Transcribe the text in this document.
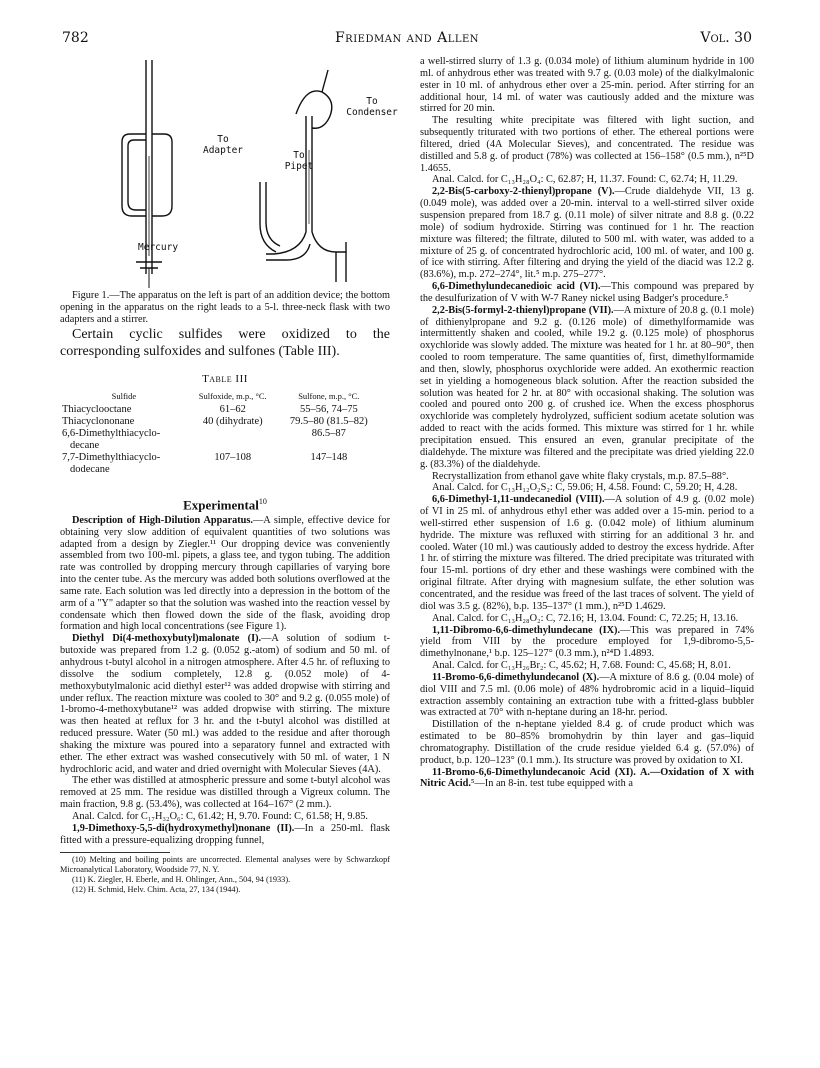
782	Friedman and Allen	Vol. 30
To
Condenser
To
Adapter	To
Pipet
Mercury

Figure 1.—The apparatus on the left is part of an addition device; the bottom opening in the apparatus on the right leads to a 5-l. three-neck flask with two adapters and a stirrer.

Certain cyclic sulfides were oxidized to the corresponding sulfoxides and sulfones (Table III).

Table III
Sulfide	Sulfoxide, m.p., °C.	Sulfone, m.p., °C.
Thiacyclooctane	61–62	55–56, 74–75
Thiacyclononane	40 (dihydrate)	79.5–80 (81.5–82)
6,6-Dimethylthiacyclo-		86.5–87
decane		
7,7-Dimethylthiacyclo-	107–108	147–148
dodecane		
Experimental$^{10}$

Description of High-Dilution Apparatus.—A simple, effective device for obtaining very slow addition of equivalent quantities of two solutions was adapted from a design by Ziegler.¹¹ Our dropping device was conveniently assembled from two 100-ml. pipets, a glass tee, and tygon tubing. The addition rate was controlled by dropping mercury through capillaries of varying bore into the center tube. As the mercury was added both solutions overflowed at the same rate. Each solution was led directly into a depression in the bottom of the arm of a "Y" adapter so that the solution was washed into the reaction vessel by condensate which then flowed down the side of the flask, avoiding drop formation and high local concentrations (see Figure 1).

Diethyl Di(4-methoxybutyl)malonate (I).—A solution of sodium t-butoxide was prepared from 1.2 g. (0.052 g.-atom) of sodium and 50 ml. of anhydrous t-butyl alcohol in a nitrogen atmosphere. After 4.5 hr. of refluxing to dissolve the sodium completely, 12.8 g. (0.052 mole) of 4-methoxybutylmalonic acid diethyl ester¹² was added dropwise with stirring and under reflux. The reaction mixture was cooled to 30° and 9.2 g. (0.055 mole) of 1-bromo-4-methoxybutane¹² was added dropwise with stirring. The mixture was then heated at reflux for 3 hr. and the t-butyl alcohol was distilled at reduced pressure. Water (50 ml.) was added to the residue and after thorough shaking the mixture was poured into a separatory funnel and extracted with ether. The ether extract was washed consecutively with 50 ml. of water, 1 N hydrochloric acid, and water and dried overnight with Molecular Sieves (4A).

The ether was distilled at atmospheric pressure and some t-butyl alcohol was removed at 25 mm. The residue was distilled through a Vigreux column. The main fraction, 9.8 g. (53.4%), was collected at 164–167° (2 mm.).

Anal. Calcd. for C₁₇H₃₂O₆: C, 61.42; H, 9.70. Found: C, 61.58; H, 9.85.

1,9-Dimethoxy-5,5-di(hydroxymethyl)nonane (II).—In a 250-ml. flask fitted with a pressure-equalizing dropping funnel,

(10) Melting and boiling points are uncorrected. Elemental analyses were by Schwarzkopf Microanalytical Laboratory, Woodside 77, N. Y.

(11) K. Ziegler, H. Eberle, and H. Ohlinger, Ann., 504, 94 (1933).

(12) H. Schmid, Helv. Chim. Acta, 27, 134 (1944).

a well-stirred slurry of 1.3 g. (0.034 mole) of lithium aluminum hydride in 100 ml. of anhydrous ether was treated with 9.7 g. (0.03 mole) of the dialkylmalonic ester in 10 ml. of anhydrous ether over a 25-min. period. After stirring for an additional hour, 14 ml. of water was cautiously added and the mixture was stirred for 20 min.

The resulting white precipitate was filtered with light suction, and subsequently triturated with two portions of ether. The ethereal portions were filtered, dried (4A Molecular Sieves), and concentrated. The residue was distilled and 5.8 g. of product (78%) was collected at 156–158° (0.5 mm.), n²⁵D 1.4655.

Anal. Calcd. for C₁₃H₂₈O₄: C, 62.87; H, 11.37. Found: C, 62.74; H, 11.29.

2,2-Bis(5-carboxy-2-thienyl)propane (V).—Crude dialdehyde VII, 13 g. (0.049 mole), was added over a 20-min. interval to a well-stirred silver oxide suspension prepared from 18.7 g. (0.11 mole) of silver nitrate and 8.8 g. (0.22 mole) of sodium hydroxide. Stirring was continued for 1 hr. The reaction mixture was filtered; the filtrate, diluted to 500 ml. with water, was added to a mixture of 25 g. of concentrated hydrochloric acid, 100 ml. of water, and 100 g. of ice with stirring. After filtering and drying the yield of the diacid was 12.2 g. (83.6%), m.p. 272–274°, lit.⁵ m.p. 275–277°.

6,6-Dimethylundecanedioic acid (VI).—This compound was prepared by the desulfurization of V with W-7 Raney nickel using Badger's procedure.⁵

2,2-Bis(5-formyl-2-thienyl)propane (VII).—A mixture of 20.8 g. (0.1 mole) of dithienylpropane and 9.2 g. (0.126 mole) of dimethylformamide was intermittently shaken and cooled, while 19.2 g. (0.125 mole) of phosphorus oxychloride was slowly added. The mixture was heated for 1 hr. at 80–90°, then cooled to room temperature. The same quantities of, first, dimethylformamide and then, slowly, phosphorus oxychloride were added. An exothermic reaction set in yielding a homogeneous black solution. After the reaction subsided the solution was heated for 2 hr. at 80° with occasional shaking. The solution was cooled and poured onto 200 g. of crushed ice. When the excess phosphorus oxychloride was completely hydrolyzed, sufficient sodium acetate solution was added to react with the acids formed. This mixture was stirred for 1 hr. while precipitation ensued. This ensured an even, granular precipitate of the dialdehyde. The mixture was filtered and the precipitate was dried yielding 22.0 g. (83.3%) of the dialdehyde.

Recrystallization from ethanol gave white flaky crystals, m.p. 87.5–88°.

Anal. Calcd. for C₁₃H₁₂O₂S₂: C, 59.06; H, 4.58. Found: C, 59.20; H, 4.28.

6,6-Dimethyl-1,11-undecanediol (VIII).—A solution of 4.9 g. (0.02 mole) of VI in 25 ml. of anhydrous ethyl ether was added over a 15-min. period to a well-stirred ether suspension of 1.6 g. (0.042 mole) of lithium aluminum hydride. The mixture was refluxed with stirring for an additional 3 hr. and cooled. Water (10 ml.) was cautiously added to destroy the excess hydride. After 1 hr. of stirring the mixture was filtered. The dried precipitate was triturated with four 15-ml. portions of dry ether and these washings were combined with the original filtrate. After drying with magnesium sulfate, the ether solution was concentrated, and the residue was freed of the last traces of solvent. The yield of diol was 3.5 g. (82%), b.p. 135–137° (1 mm.), n²⁵D 1.4629.

Anal. Calcd. for C₁₃H₂₈O₂: C, 72.16; H, 13.04. Found: C, 72.25; H, 13.16.

1,11-Dibromo-6,6-dimethylundecane (IX).—This was prepared in 74% yield from VIII by the procedure employed for 1,9-dibromo-5,5-dimethylnonane,¹ b.p. 125–127° (0.3 mm.), n²⁴D 1.4893.

Anal. Calcd. for C₁₃H₂₆Br₂: C, 45.62; H, 7.68. Found: C, 45.68; H, 8.01.

11-Bromo-6,6-dimethylundecanol (X).—A mixture of 8.6 g. (0.04 mole) of diol VIII and 7.5 ml. (0.06 mole) of 48% hydrobromic acid in a liquid–liquid extraction assembly containing an extraction tube with a fritted-glass bubbler was extracted at 70° with n-heptane during an 18-hr. period.

Distillation of the n-heptane yielded 8.4 g. of crude product which was estimated to be 80–85% bromohydrin by thin layer and gas–liquid chromatography. Distillation of the crude residue yielded 6.4 g. (57.0%) of product, b.p. 120–123° (0.1 mm.). Its structure was proved by oxidation to XI.

11-Bromo-6,6-Dimethylundecanoic Acid (XI). A.—Oxidation of X with Nitric Acid.⁵—In an 8-in. test tube equipped with a
